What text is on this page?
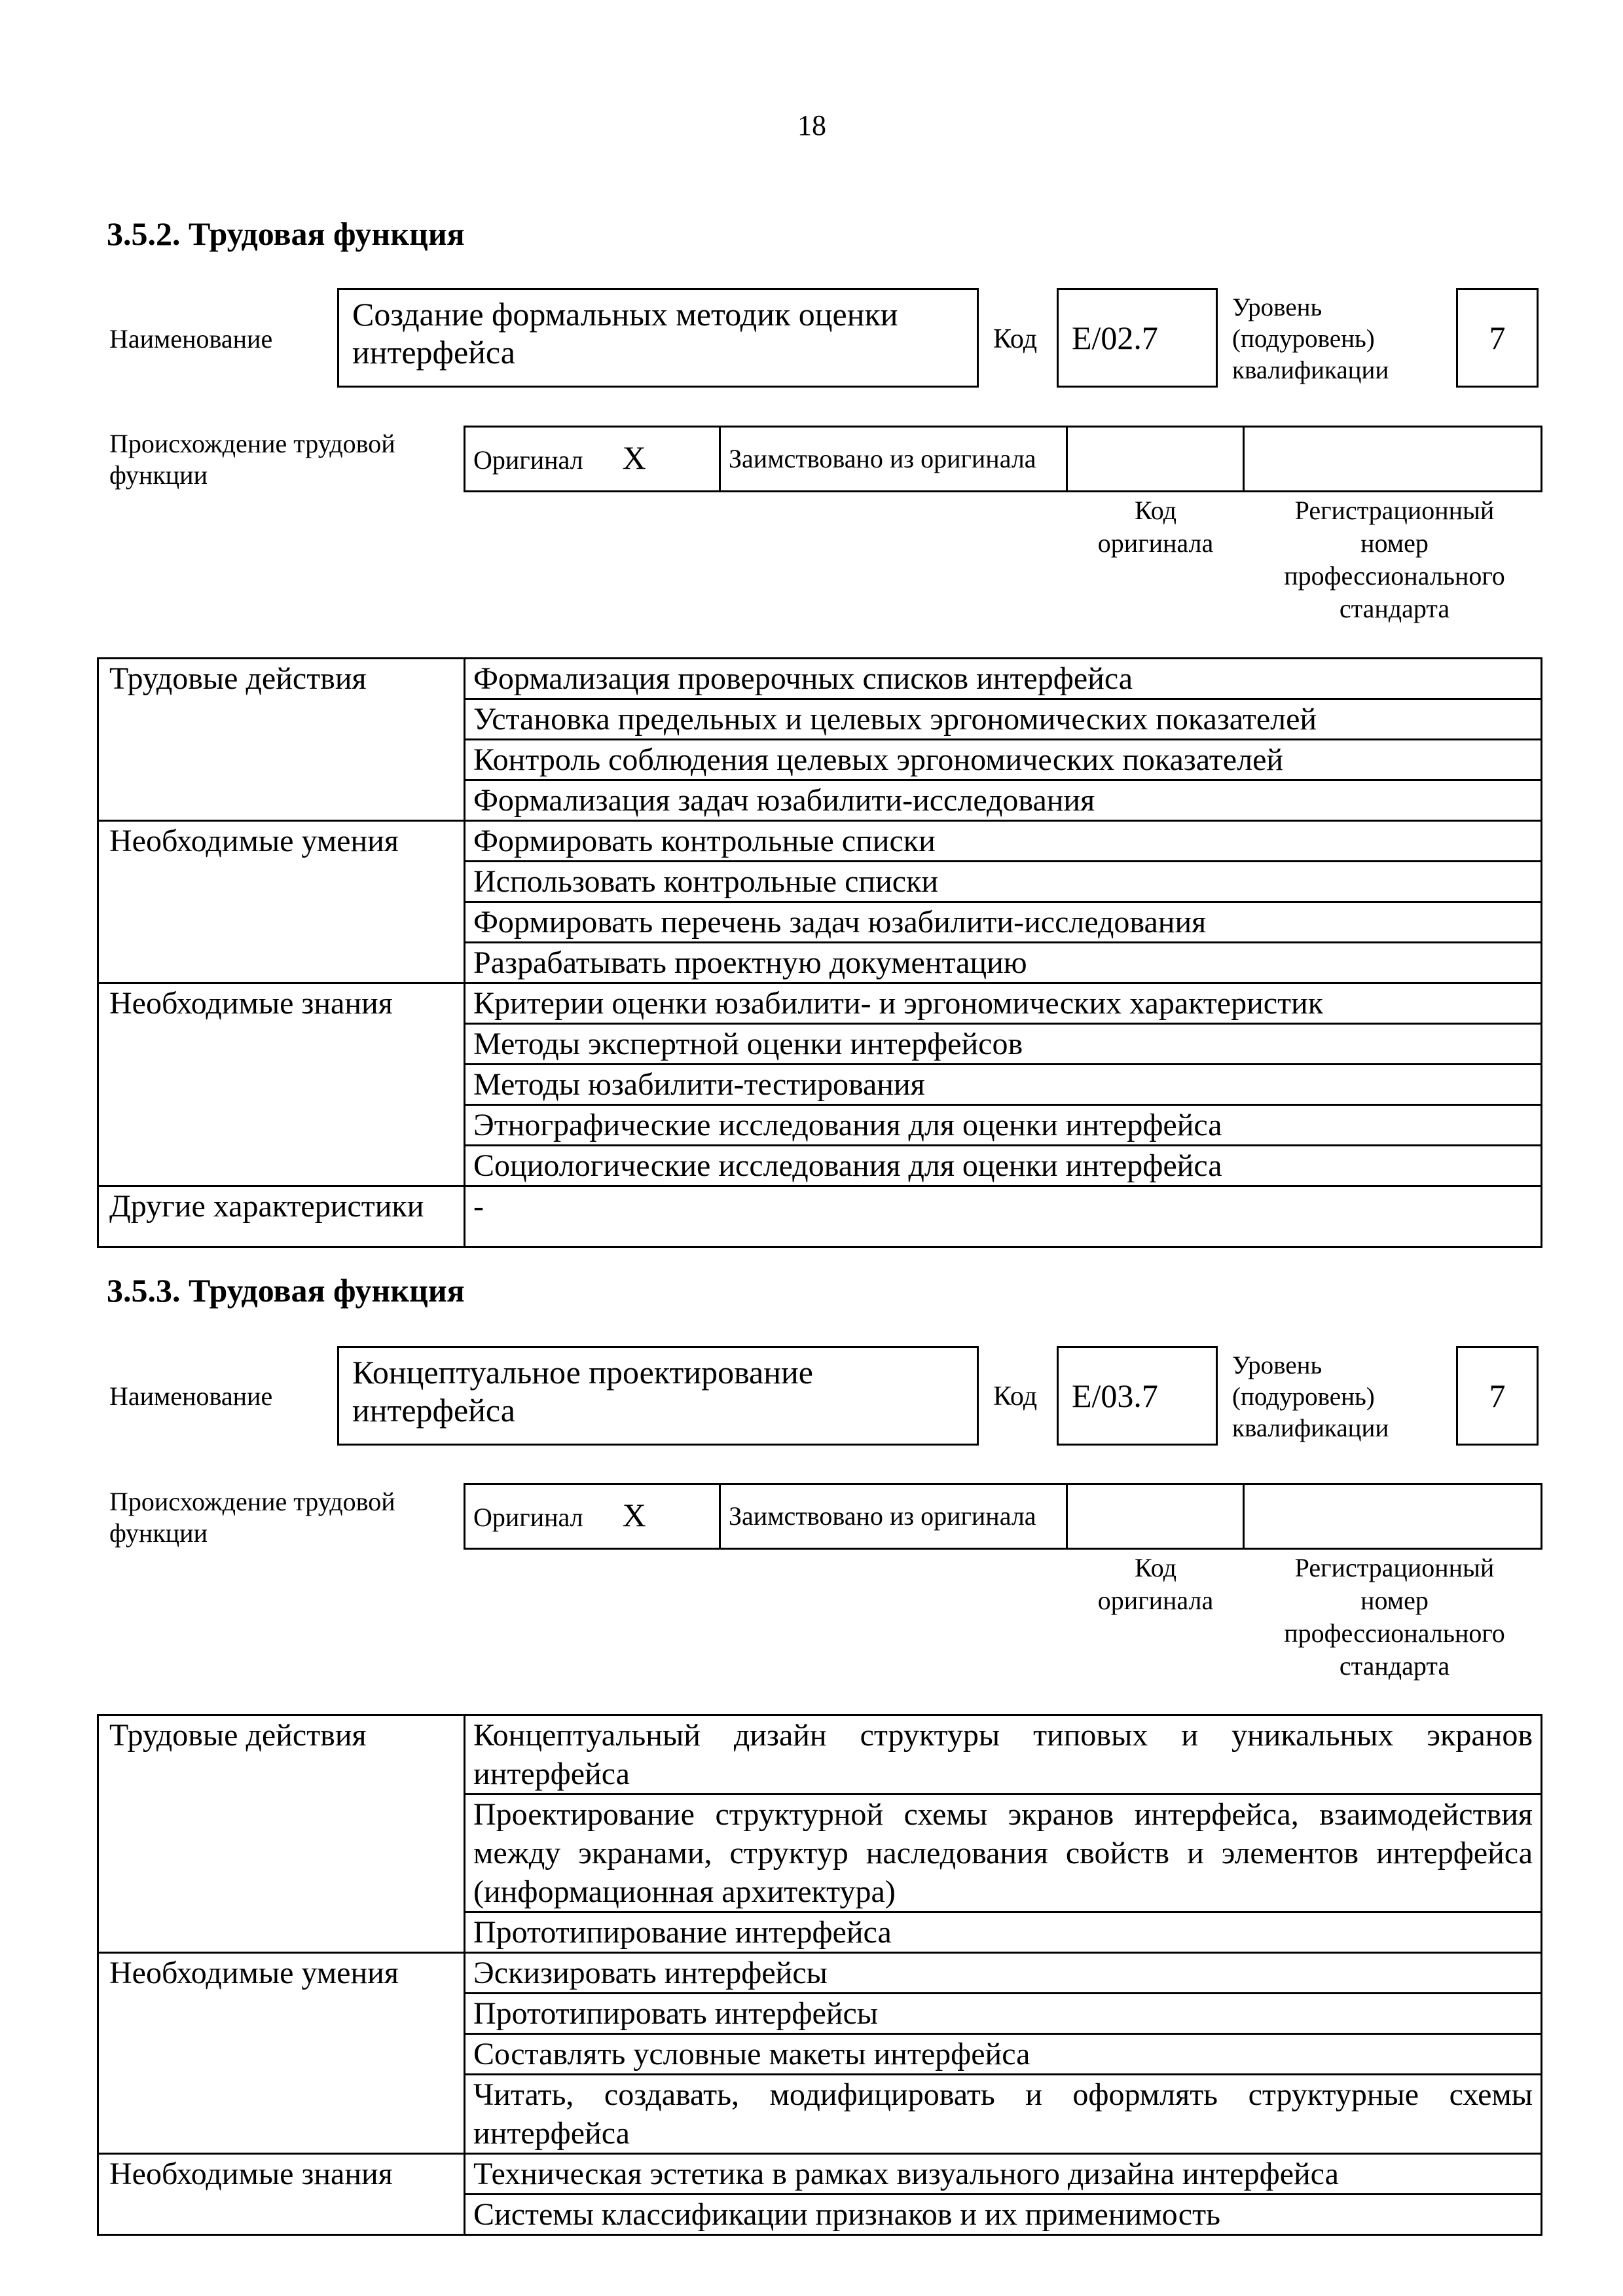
18
3.5.2. Трудовая функция
Наименование
Создание формальных методик оценки интерфейса	Код	E/02.7
Уровень (подуровень) квалификации
7
Происхождение трудовой функции
Оригинал X	Заимствовано из оригинала		
Код оригинала
Регистрационный номер профессионального стандарта
Трудовые действия	Формализация проверочных списков интерфейса
	Установка предельных и целевых эргономических показателей
	Контроль соблюдения целевых эргономических показателей
	Формализация задач юзабилити-исследования
Необходимые умения	Формировать контрольные списки
	Использовать контрольные списки
	Формировать перечень задач юзабилити-исследования
	Разрабатывать проектную документацию
Необходимые знания	Критерии оценки юзабилити- и эргономических характеристик
	Методы экспертной оценки интерфейсов
	Методы юзабилити-тестирования
	Этнографические исследования для оценки интерфейса
	Социологические исследования для оценки интерфейса
Другие характеристики	-
3.5.3. Трудовая функция
Наименование
Концептуальное проектирование интерфейса	Код	E/03.7
Уровень (подуровень) квалификации
7
Происхождение трудовой функции
Оригинал X	Заимствовано из оригинала		
Код оригинала
Регистрационный номер профессионального стандарта
Трудовые действия	Концептуальный дизайн структуры типовых и уникальных экранов интерфейса
	Проектирование структурной схемы экранов интерфейса, взаимодействия между экранами, структур наследования свойств и элементов интерфейса (информационная архитектура)
	Прототипирование интерфейса
Необходимые умения	Эскизировать интерфейсы
	Прототипировать интерфейсы
	Составлять условные макеты интерфейса
	Читать, создавать, модифицировать и оформлять структурные схемы интерфейса
Необходимые знания	Техническая эстетика в рамках визуального дизайна интерфейса
	Системы классификации признаков и их применимость
